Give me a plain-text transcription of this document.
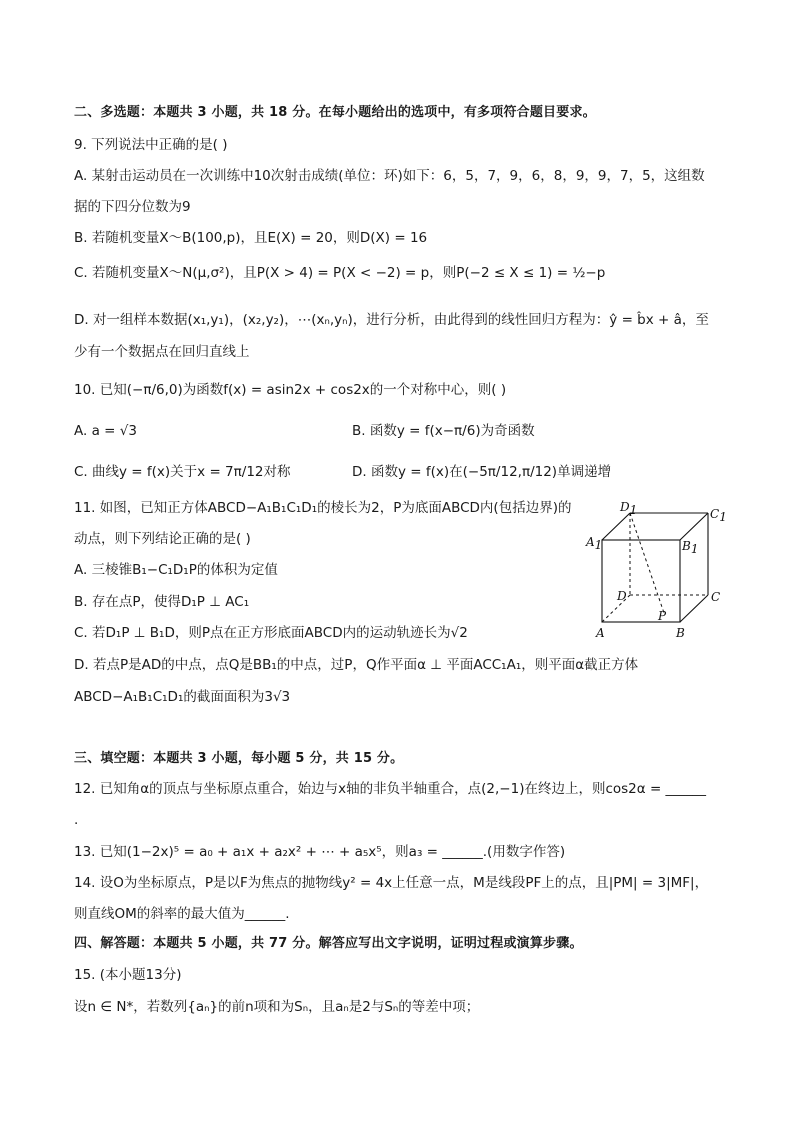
二、多选题：本题共 3 小题，共 18 分。在每小题给出的选项中，有多项符合题目要求。
9. 下列说法中正确的是( )
A. 某射击运动员在一次训练中10次射击成绩(单位：环)如下：6，5，7，9，6，8，9，9，7，5，这组数
据的下四分位数为9
B. 若随机变量X～B(100,p)，且E(X) = 20，则D(X) = 16
C. 若随机变量X～N(μ,σ²)，且P(X > 4) = P(X < −2) = p，则P(−2 ≤ X ≤ 1) = ½−p
D. 对一组样本数据(x₁,y₁)，(x₂,y₂)，⋯(xₙ,yₙ)，进行分析，由此得到的线性回归方程为：ŷ = b̂x + â，至
少有一个数据点在回归直线上
10. 已知(−π/6,0)为函数f(x) = asin2x + cos2x的一个对称中心，则( )
A. a = √3	B. 函数y = f(x−π/6)为奇函数
C. 曲线y = f(x)关于x = 7π/12对称	D. 函数y = f(x)在(−5π/12,π/12)单调递增
11. 如图，已知正方体ABCD−A₁B₁C₁D₁的棱长为2，P为底面ABCD内(包括边界)的
动点，则下列结论正确的是( )
A. 三棱锥B₁−C₁D₁P的体积为定值
B. 存在点P，使得D₁P ⊥ AC₁
C. 若D₁P ⊥ B₁D，则P点在正方形底面ABCD内的运动轨迹长为√2
D. 若点P是AD的中点，点Q是BB₁的中点，过P，Q作平面α ⊥ 平面ACC₁A₁，则平面α截正方体
ABCD−A₁B₁C₁D₁的截面面积为3√3
D1	C1
A1	B1
D	C
P
A	B
三、填空题：本题共 3 小题，每小题 5 分，共 15 分。
12. 已知角α的顶点与坐标原点重合，始边与x轴的非负半轴重合，点(2,−1)在终边上，则cos2α = ______
.
13. 已知(1−2x)⁵ = a₀ + a₁x + a₂x² + ⋯ + a₅x⁵，则a₃ = ______.(用数字作答)
14. 设O为坐标原点，P是以F为焦点的抛物线y² = 4x上任意一点，M是线段PF上的点，且|PM| = 3|MF|，
则直线OM的斜率的最大值为______.
四、解答题：本题共 5 小题，共 77 分。解答应写出文字说明，证明过程或演算步骤。
15. (本小题13分)
设n ∈ N*，若数列{aₙ}的前n项和为Sₙ，且aₙ是2与Sₙ的等差中项；
